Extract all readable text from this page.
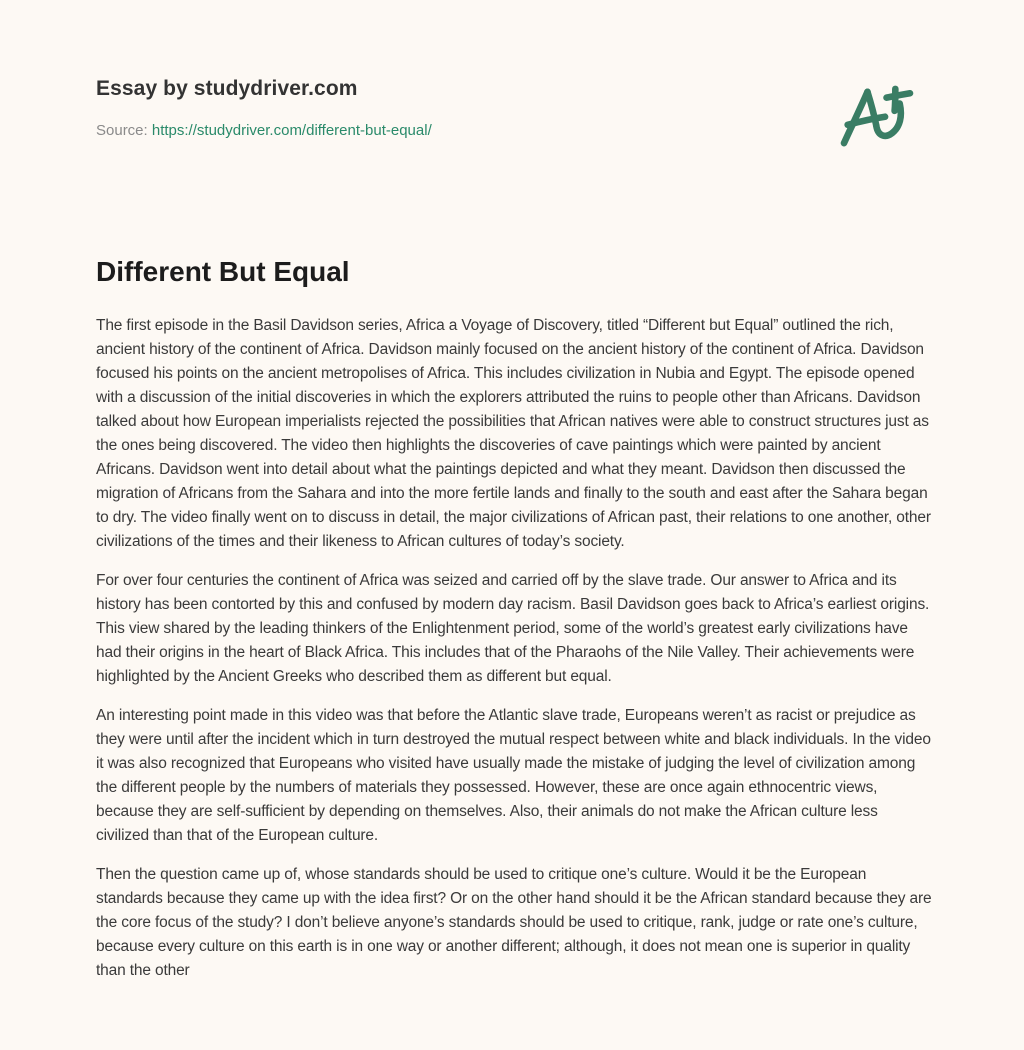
Essay by studydriver.com
Source: https://studydriver.com/different-but-equal/
Different But Equal

The first episode in the Basil Davidson series, Africa a Voyage of Discovery, titled “Different but Equal” outlined the rich, ancient history of the continent of Africa. Davidson mainly focused on the ancient history of the continent of Africa. Davidson focused his points on the ancient metropolises of Africa. This includes civilization in Nubia and Egypt. The episode opened with a discussion of the initial discoveries in which the explorers attributed the ruins to people other than Africans. Davidson talked about how European imperialists rejected the possibilities that African natives were able to construct structures just as the ones being discovered. The video then highlights the discoveries of cave paintings which were painted by ancient Africans. Davidson went into detail about what the paintings depicted and what they meant. Davidson then discussed the migration of Africans from the Sahara and into the more fertile lands and finally to the south and east after the Sahara began to dry. The video finally went on to discuss in detail, the major civilizations of African past, their relations to one another, other civilizations of the times and their likeness to African cultures of today’s society.

For over four centuries the continent of Africa was seized and carried off by the slave trade. Our answer to Africa and its history has been contorted by this and confused by modern day racism. Basil Davidson goes back to Africa’s earliest origins. This view shared by the leading thinkers of the Enlightenment period, some of the world’s greatest early civilizations have had their origins in the heart of Black Africa. This includes that of the Pharaohs of the Nile Valley. Their achievements were highlighted by the Ancient Greeks who described them as different but equal.

An interesting point made in this video was that before the Atlantic slave trade, Europeans weren’t as racist or prejudice as they were until after the incident which in turn destroyed the mutual respect between white and black individuals. In the video it was also recognized that Europeans who visited have usually made the mistake of judging the level of civilization among the different people by the numbers of materials they possessed. However, these are once again ethnocentric views, because they are self-sufficient by depending on themselves. Also, their animals do not make the African culture less civilized than that of the European culture.

Then the question came up of, whose standards should be used to critique one’s culture. Would it be the European standards because they came up with the idea first? Or on the other hand should it be the African standard because they are the core focus of the study? I don’t believe anyone’s standards should be used to critique, rank, judge or rate one’s culture, because every culture on this earth is in one way or another different; although, it does not mean one is superior in quality than the other
